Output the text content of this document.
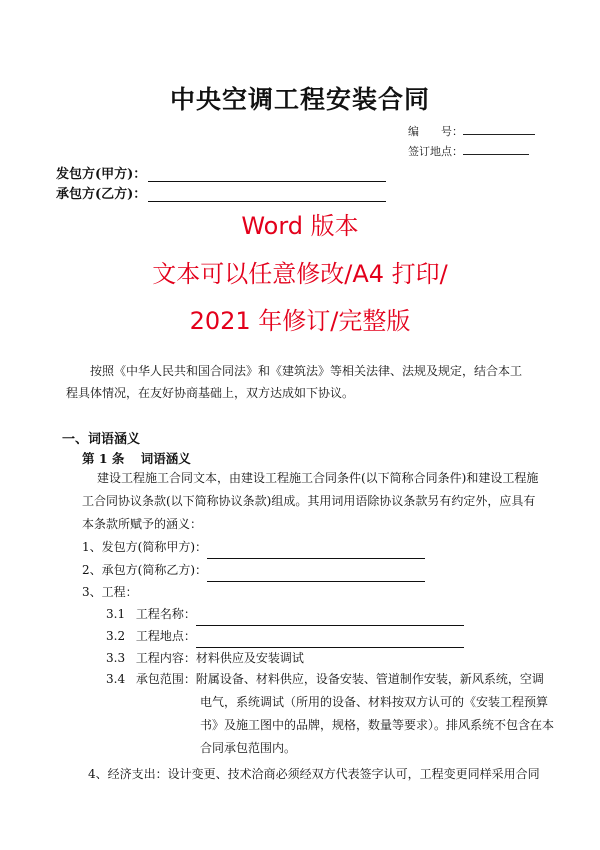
中央空调工程安装合同
编　　号：
签订地点：
发包方(甲方)：
承包方(乙方)：
Word 版本
文本可以任意修改/A4 打印/
2021 年修订/完整版
按照《中华人民共和国合同法》和《建筑法》等相关法律、法规及规定，结合本工
程具体情况，在友好协商基础上，双方达成如下协议。
一、词语涵义
第 1 条 词语涵义
建设工程施工合同文本，由建设工程施工合同条件(以下简称合同条件)和建设工程施
工合同协议条款(以下简称协议条款)组成。其用词用语除协议条款另有约定外，应具有
本条款所赋予的涵义：
1、发包方(简称甲方)：
2、承包方(简称乙方)：
3、工程：
3.1 工程名称：
3.2 工程地点：
3.3 工程内容：材料供应及安装调试
3.4 承包范围：附属设备、材料供应，设备安装、管道制作安装，新风系统，空调
电气，系统调试（所用的设备、材料按双方认可的《安装工程预算
书》及施工图中的品牌，规格，数量等要求）。排风系统不包含在本
合同承包范围内。
4、经济支出：设计变更、技术洽商必须经双方代表签字认可，工程变更同样采用合同
